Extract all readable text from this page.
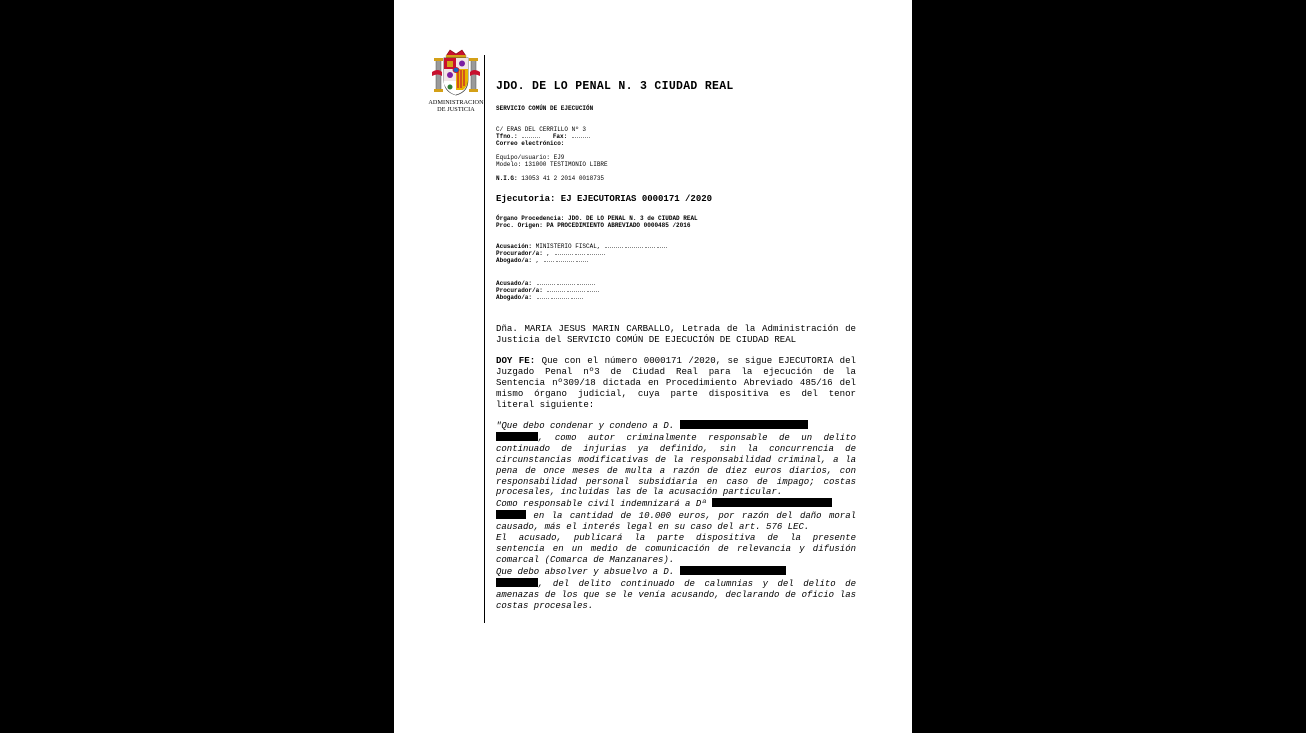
ADMINISTRACION
DE JUSTICIA
JDO. DE LO PENAL N. 3 CIUDAD REAL
SERVICIO COMÚN DE EJECUCIÓN
C/ ERAS DEL CERRILLO Nº 3
Tfno.:	Fax:
Correo electrónico:
Equipo/usuario: EJ9
Modelo: 131000 TESTIMONIO LIBRE
N.I.G: 13053 41 2 2014 0018735
Ejecutoria: EJ EJECUTORIAS 0000171 /2020
Órgano Procedencia: JDO. DE LO PENAL N. 3 de CIUDAD REAL
Proc. Origen: PA PROCEDIMIENTO ABREVIADO 0000485 /2016
Acusación: MINISTERIO FISCAL,
Procurador/a: ,
Abogado/a: ,
Acusado/a:
Procurador/a:
Abogado/a:
Dña. MARIA JESUS MARIN CARBALLO, Letrada de la Administración de Justicia del SERVICIO COMÚN DE EJECUCIÓN DE CIUDAD REAL
DOY FE: Que con el número 0000171 /2020, se sigue EJECUTORIA del Juzgado Penal nº3 de Ciudad Real para la ejecución de la Sentencia nº309/18 dictada en Procedimiento Abreviado 485/16 del mismo órgano judicial, cuya parte dispositiva es del tenor literal siguiente:
"Que debo condenar y condeno a D.
, como autor criminalmente responsable de un delito continuado de injurias ya definido, sin la concurrencia de circunstancias modificativas de la responsabilidad criminal, a la pena de once meses de multa a razón de diez euros diarios, con responsabilidad personal subsidiaria en caso de impago; costas procesales, incluidas las de la acusación particular.
Como responsable civil indemnizará a Dª
en la cantidad de 10.000 euros, por razón del daño moral causado, más el interés legal en su caso del art. 576 LEC.
El acusado, publicará la parte dispositiva de la presente sentencia en un medio de comunicación de relevancia y difusión comarcal (Comarca de Manzanares).
Que debo absolver y absuelvo a D.
, del delito continuado de calumnias y del delito de amenazas de los que se le venía acusando, declarando de oficio las costas procesales.
